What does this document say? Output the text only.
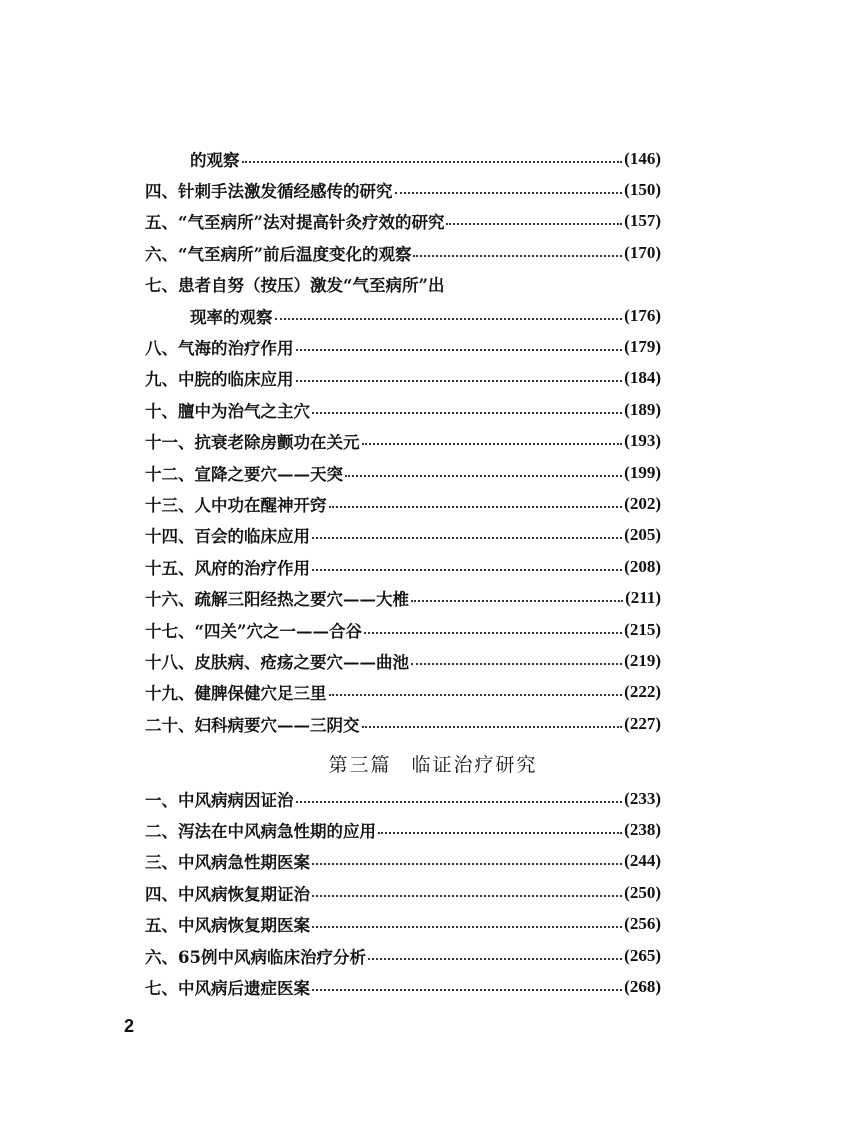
的观察	(146)
四、针刺手法激发循经感传的研究	(150)
五、“气至病所”法对提高针灸疗效的研究	(157)
六、“气至病所”前后温度变化的观察	(170)
七、患者自努（按压）激发“气至病所”出
现率的观察	(176)
八、气海的治疗作用	(179)
九、中脘的临床应用	(184)
十、膻中为治气之主穴	(189)
十一、抗衰老除房颤功在关元	(193)
十二、宣降之要穴——天突	(199)
十三、人中功在醒神开窍	(202)
十四、百会的临床应用	(205)
十五、风府的治疗作用	(208)
十六、疏解三阳经热之要穴——大椎	(211)
十七、“四关”穴之一——合谷	(215)
十八、皮肤病、疮疡之要穴——曲池	(219)
十九、健脾保健穴足三里	(222)
二十、妇科病要穴——三阴交	(227)
第三篇 临证治疗研究
一、中风病病因证治	(233)
二、泻法在中风病急性期的应用	(238)
三、中风病急性期医案	(244)
四、中风病恢复期证治	(250)
五、中风病恢复期医案	(256)
六、65例中风病临床治疗分析	(265)
七、中风病后遗症医案	(268)
2
